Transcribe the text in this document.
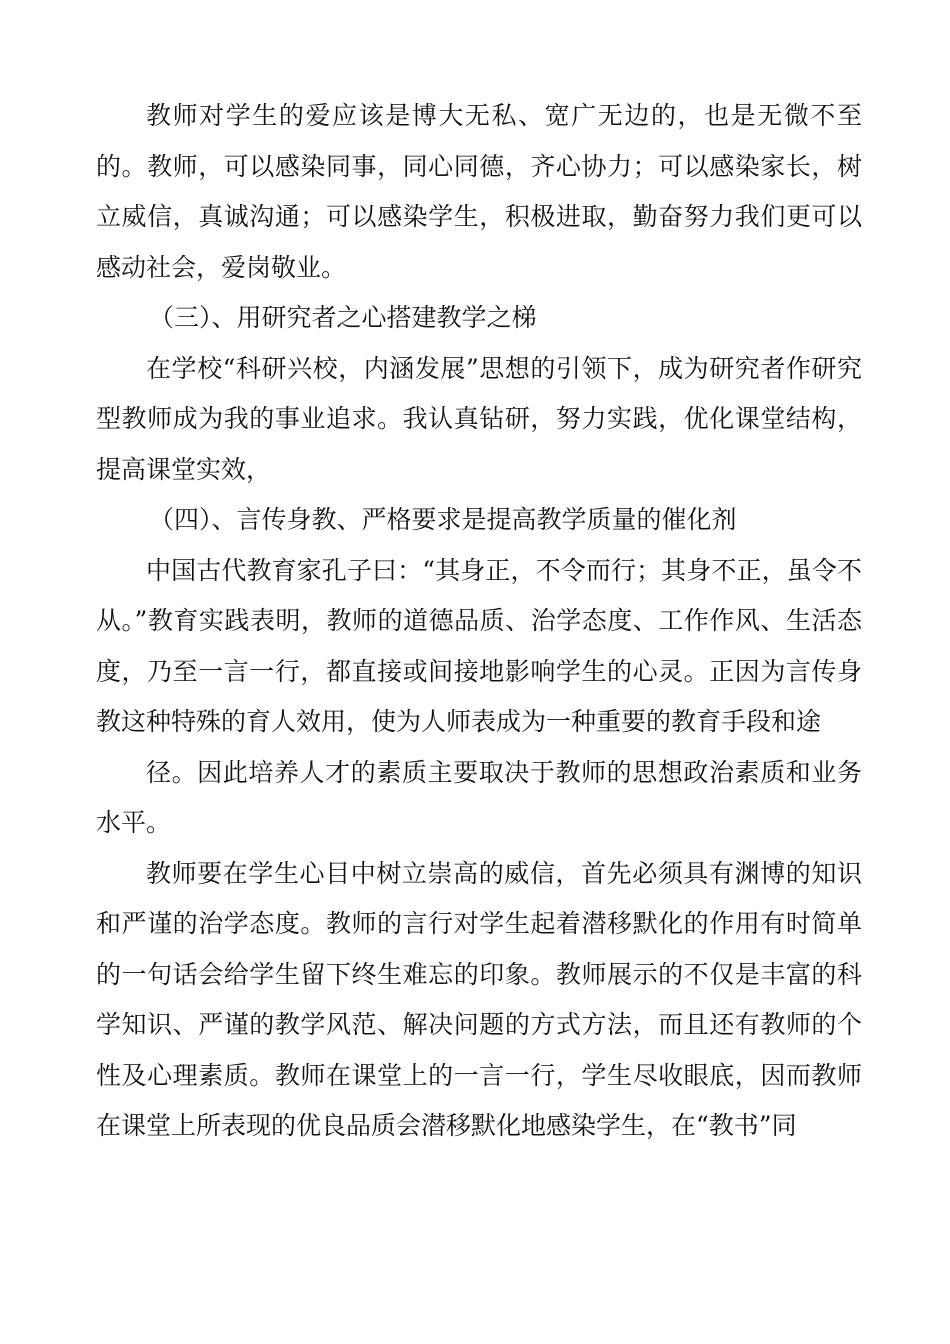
教师对学生的爱应该是博大无私、宽广无边的，也是无微不至的。教师，可以感染同事，同心同德，齐心协力；可以感染家长，树立威信，真诚沟通；可以感染学生，积极进取，勤奋努力我们更可以感动社会，爱岗敬业。

（三）、用研究者之心搭建教学之梯

在学校“科研兴校，内涵发展”思想的引领下，成为研究者作研究型教师成为我的事业追求。我认真钻研，努力实践，优化课堂结构，提高课堂实效，

（四）、言传身教、严格要求是提高教学质量的催化剂

中国古代教育家孔子曰：“其身正，不令而行；其身不正，虽令不从。”教育实践表明，教师的道德品质、治学态度、工作作风、生活态度，乃至一言一行，都直接或间接地影响学生的心灵。正因为言传身教这种特殊的育人效用，使为人师表成为一种重要的教育手段和途

径。因此培养人才的素质主要取决于教师的思想政治素质和业务水平。

教师要在学生心目中树立崇高的威信，首先必须具有渊博的知识和严谨的治学态度。教师的言行对学生起着潜移默化的作用有时简单的一句话会给学生留下终生难忘的印象。教师展示的不仅是丰富的科学知识、严谨的教学风范、解决问题的方式方法，而且还有教师的个性及心理素质。教师在课堂上的一言一行，学生尽收眼底，因而教师在课堂上所表现的优良品质会潜移默化地感染学生，在“教书”同
